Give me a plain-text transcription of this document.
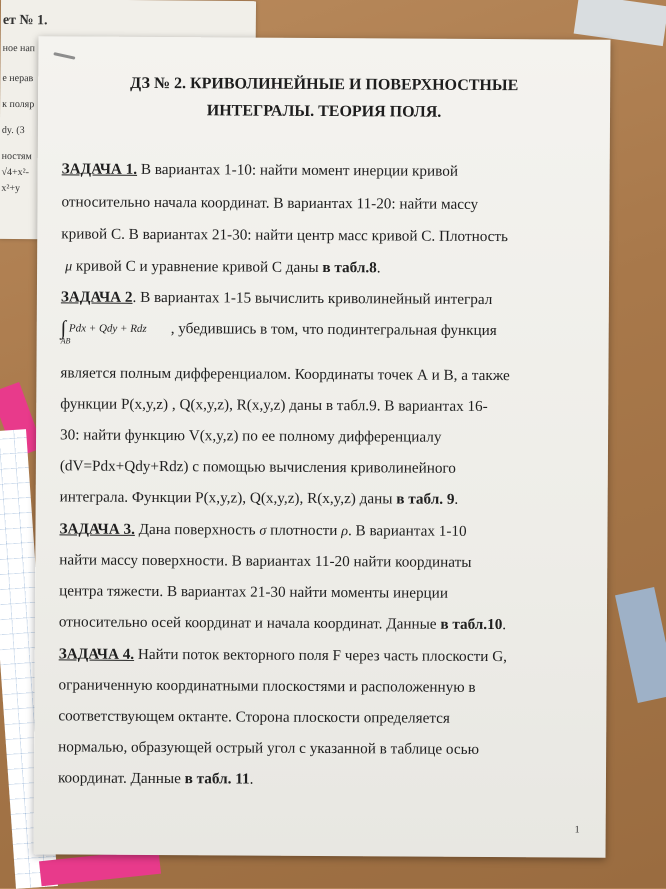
ет № 1.
ное нап
е нерав
к поляр
dy. (3
ностям
√4+x²-
x²+y
ДЗ № 2. КРИВОЛИНЕЙНЫЕ И ПОВЕРХНОСТНЫЕ
ИНТЕГРАЛЫ. ТЕОРИЯ ПОЛЯ.
ЗАДАЧА 1. В вариантах 1-10: найти момент инерции кривой
относительно начала координат. В вариантах 11-20: найти массу
кривой С. В вариантах 21-30: найти центр масс кривой С. Плотность
μ кривой С и уравнение кривой С даны в табл.8.
ЗАДАЧА 2. В вариантах 1-15 вычислить криволинейный интеграл
∫ Pdx + Qdy + Rdz
AB
, убедившись в том, что подинтегральная функция
является полным дифференциалом. Координаты точек А и В, а также
функции P(x,y,z) , Q(x,y,z), R(x,y,z) даны в табл.9. В вариантах 16-
30: найти функцию V(x,y,z) по ее полному дифференциалу
(dV=Pdx+Qdy+Rdz) с помощью вычисления криволинейного
интеграла. Функции P(x,y,z), Q(x,y,z), R(x,y,z) даны в табл. 9.
ЗАДАЧА 3. Дана поверхность σ плотности ρ. В вариантах 1-10
найти массу поверхности. В вариантах 11-20 найти координаты
центра тяжести. В вариантах 21-30 найти моменты инерции
относительно осей координат и начала координат. Данные в табл.10.
ЗАДАЧА 4. Найти поток векторного поля F через часть плоскости G,
ограниченную координатными плоскостями и расположенную в
соответствующем октанте. Сторона плоскости определяется
нормалью, образующей острый угол с указанной в таблице осью
координат. Данные в табл. 11.
1
